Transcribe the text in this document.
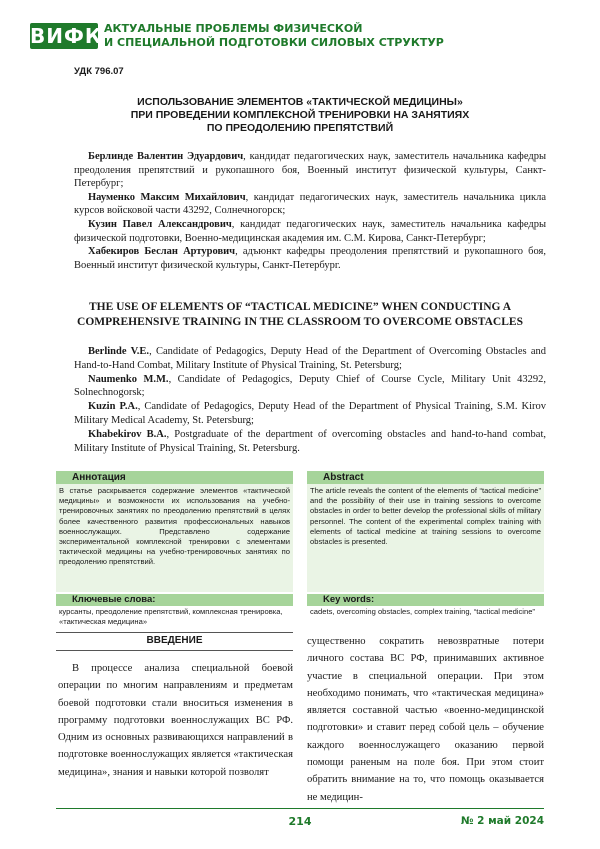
ВИФК АКТУАЛЬНЫЕ ПРОБЛЕМЫ ФИЗИЧЕСКОЙ
И СПЕЦИАЛЬНОЙ ПОДГОТОВКИ СИЛОВЫХ СТРУКТУР
УДК 796.07
ИСПОЛЬЗОВАНИЕ ЭЛЕМЕНТОВ «ТАКТИЧЕСКОЙ МЕДИЦИНЫ»
ПРИ ПРОВЕДЕНИИ КОМПЛЕКСНОЙ ТРЕНИРОВКИ НА ЗАНЯТИЯХ
ПО ПРЕОДОЛЕНИЮ ПРЕПЯТСТВИЙ

Берлинде Валентин Эдуардович, кандидат педагогических наук, заместитель начальника кафедры преодоления препятствий и рукопашного боя, Военный институт физической культуры, Санкт-Петербург;

Науменко Максим Михайлович, кандидат педагогических наук, заместитель начальника цикла курсов войсковой части 43292, Солнечногорск;

Кузин Павел Александрович, кандидат педагогических наук, заместитель начальника кафедры физической подготовки, Военно-медицинская академия им. С.М. Кирова, Санкт-Петербург;

Хабекиров Беслан Артурович, адъюнкт кафедры преодоления препятствий и рукопашного боя, Военный институт физической культуры, Санкт-Петербург.

THE USE OF ELEMENTS OF “TACTICAL MEDICINE” WHEN CONDUCTING A
COMPREHENSIVE TRAINING IN THE CLASSROOM TO OVERCOME OBSTACLES

Berlinde V.E., Candidate of Pedagogics, Deputy Head of the Department of Overcoming Obstacles and Hand-to-Hand Combat, Military Institute of Physical Training, St. Petersburg;

Naumenko M.M., Candidate of Pedagogics, Deputy Chief of Course Cycle, Military Unit 43292, Solnechnogorsk;

Kuzin P.A., Candidate of Pedagogics, Deputy Head of the Department of Physical Training, S.M. Kirov Military Medical Academy, St. Petersburg;

Khabekirov B.A., Postgraduate of the department of overcoming obstacles and hand-to-hand combat, Military Institute of Physical Training, St. Petersburg.

Аннотация	Abstract
В статье раскрывается содержание элементов «тактической медицины» и возможности их использования на учебно-тренировочных занятиях по преодолению препятствий в целях более качественного развития профессиональных навыков военнослужащих. Представлено содержание экспериментальной комплексной тренировки с элементами тактической медицины на учебно-тренировочных занятиях по преодолению препятствий.
The article reveals the content of the elements of “tactical medicine” and the possibility of their use in training sessions to overcome obstacles in order to better develop the professional skills of military personnel. The content of the experimental complex training with elements of tactical medicine at training sessions to overcome obstacles is presented.
Ключевые слова:	Key words:
курсанты, преодоление препятствий, комплексная тренировка, «тактическая медицина»
cadets, overcoming obstacles, complex training, “tactical medicine”
ВВЕДЕНИЕ

В процессе анализа специальной боевой операции по многим направлениям и предметам боевой подготовки стали вноситься изменения в программу подготовки военнослужащих ВС РФ. Одним из основных развивающихся направлений в подготовке военнослужащих является «тактическая медицина», знания и навыки которой позволят

существенно сократить невозвратные потери личного состава ВС РФ, принимавших активное участие в специальной операции. При этом необходимо понимать, что «тактическая медицина» является составной частью «военно-медицинской подготовки» и ставит перед собой цель – обучение каждого военнослужащего оказанию первой помощи раненым на поле боя. При этом стоит обратить внимание на то, что помощь оказывается не медицин-

214	№ 2 май 2024
